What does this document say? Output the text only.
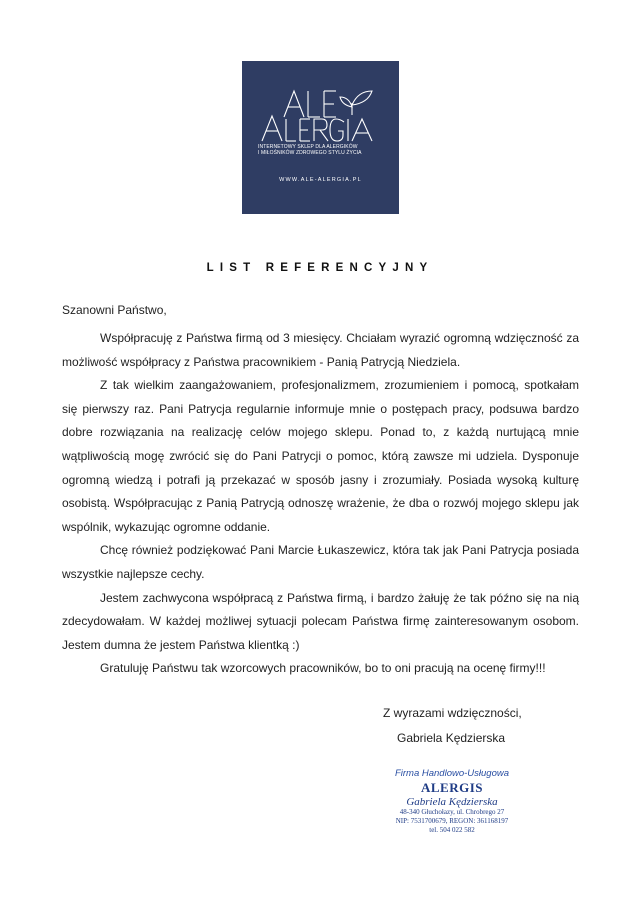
INTERNETOWY SKLEP DLA ALERGIKÓW
I MIŁOŚNIKÓW ZDROWEGO STYLU ŻYCIA
WWW.ALE-ALERGIA.PL
LIST REFERENCYJNY
Szanowni Państwo,

Współpracuję z Państwa firmą od 3 miesięcy. Chciałam wyrazić ogromną wdzięczność za możliwość współpracy z Państwa pracownikiem - Panią Patrycją Niedziela.

Z tak wielkim zaangażowaniem, profesjonalizmem, zrozumieniem i pomocą, spotkałam się pierwszy raz. Pani Patrycja regularnie informuje mnie o postępach pracy, podsuwa bardzo dobre rozwiązania na realizację celów mojego sklepu. Ponad to, z każdą nurtującą mnie wątpliwością mogę zwrócić się do Pani Patrycji o pomoc, którą zawsze mi udziela. Dysponuje ogromną wiedzą i potrafi ją przekazać w sposób jasny i zrozumiały. Posiada wysoką kulturę osobistą. Współpracując z Panią Patrycją odnoszę wrażenie, że dba o rozwój mojego sklepu jak wspólnik, wykazując ogromne oddanie.

Chcę również podziękować Pani Marcie Łukaszewicz, która tak jak Pani Patrycja posiada wszystkie najlepsze cechy.

Jestem zachwycona współpracą z Państwa firmą, i bardzo żałuję że tak późno się na nią zdecydowałam. W każdej możliwej sytuacji polecam Państwa firmę zainteresowanym osobom. Jestem dumna że jestem Państwa klientką :)

Gratuluję Państwu tak wzorcowych pracowników, bo to oni pracują na ocenę firmy!!!

Z wyrazami wdzięczności,
Gabriela Kędzierska
Firma Handlowo-Usługowa
ALERGIS
Gabriela Kędzierska
48-340 Głuchołazy, ul. Chrobrego 27
NIP: 7531700679, REGON: 361168197
tel. 504 022 582
